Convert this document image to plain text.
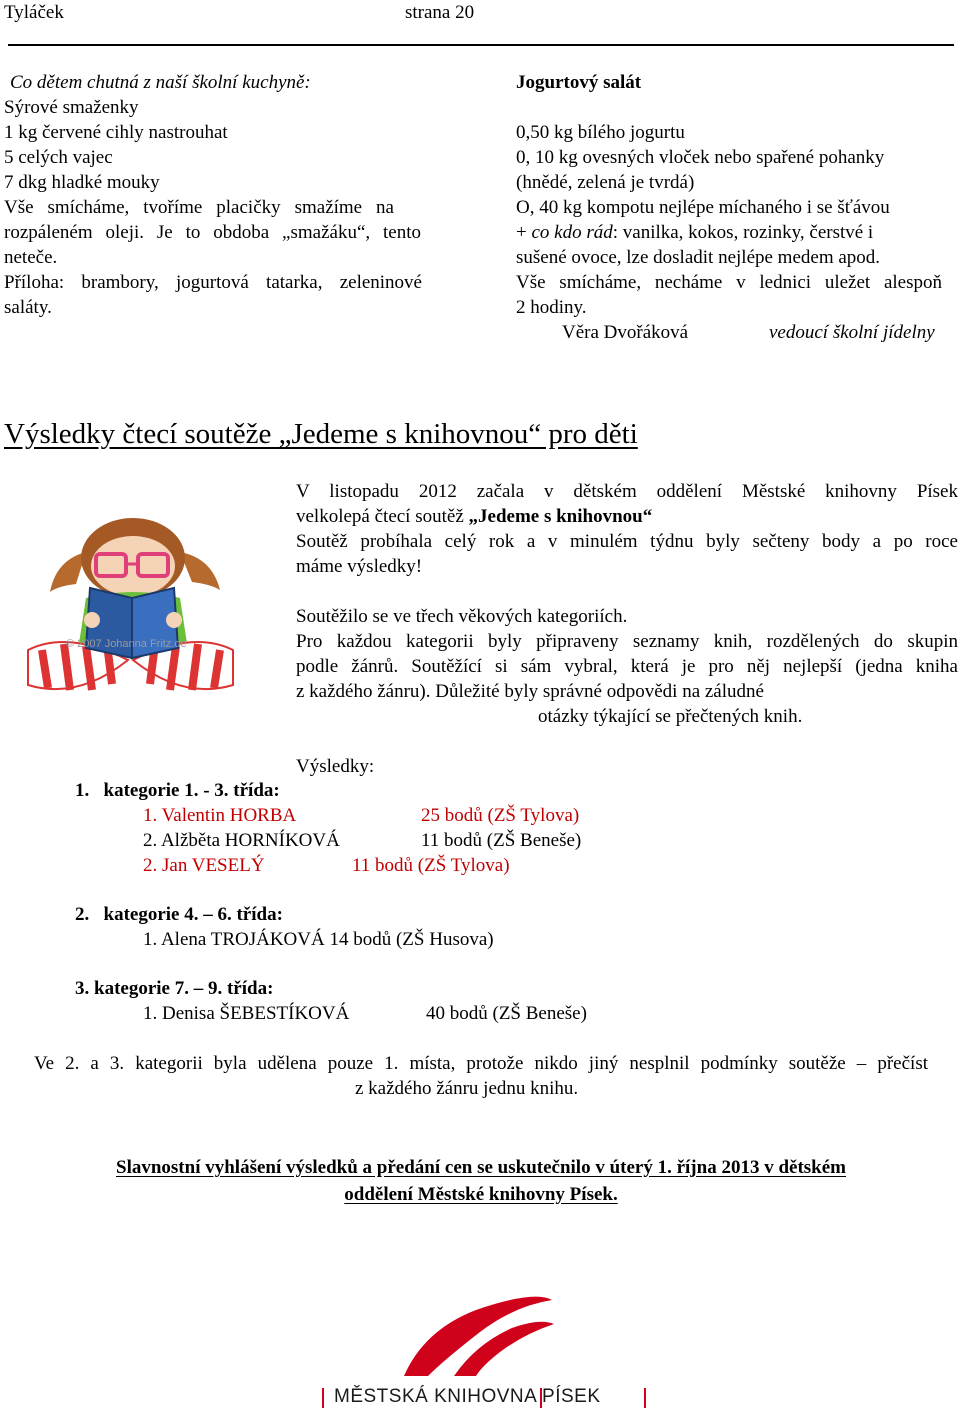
Tyláček	strana 20
Co dětem chutná z naší školní kuchyně:
Sýrové smaženky
1 kg červené cihly nastrouhat
5 celých vajec
7 dkg hladké mouky
Vše smícháme, tvoříme placičky smažíme na
rozpáleném oleji. Je to obdoba „smažáku“, tento
neteče.
Příloha: brambory, jogurtová tatarka, zeleninové
saláty.
Jogurtový salát
0,50 kg bílého jogurtu
0, 10 kg ovesných vloček nebo spařené pohanky
(hnědé, zelená je tvrdá)
O, 40 kg kompotu nejlépe míchaného i se šťávou
+ co kdo rád: vanilka, kokos, rozinky, čerstvé i
sušené ovoce, lze dosladit nejlépe medem apod.
Vše smícháme, necháme v lednici uležet alespoň
2 hodiny.
Věra Dvořáková	vedoucí školní jídelny
Výsledky čtecí soutěže „Jedeme s knihovnou“ pro děti
© 2007 Johanna Fritz.de
V listopadu 2012 začala v dětském oddělení Městské knihovny Písek
velkolepá čtecí soutěž „Jedeme s knihovnou“
Soutěž probíhala celý rok a v minulém týdnu byly sečteny body a po roce
máme výsledky!
Soutěžilo se ve třech věkových kategoriích.
Pro každou kategorii byly připraveny seznamy knih, rozdělených do skupin
podle žánrů. Soutěžící si sám vybral, která je pro něj nejlepší (jedna kniha
z každého žánru). Důležité byly správné odpovědi na záludné
otázky týkající se přečtených knih.
Výsledky:
1.   kategorie 1. - 3. třída:
1. Valentin HORBA	25 bodů (ZŠ Tylova)
2. Alžběta HORNÍKOVÁ	11 bodů (ZŠ Beneše)
2. Jan VESELÝ	11 bodů (ZŠ Tylova)
2.   kategorie 4. – 6. třída:
1. Alena TROJÁKOVÁ 14 bodů (ZŠ Husova)
3. kategorie 7. – 9. třída:
1. Denisa ŠEBESTÍKOVÁ	40 bodů (ZŠ Beneše)
Ve 2. a 3. kategorii byla udělena pouze 1. místa, protože nikdo jiný nesplnil podmínky soutěže – přečíst
z každého žánru jednu knihu.
Slavnostní vyhlášení výsledků a předání cen se uskutečnilo v úterý 1. října 2013 v dětském
oddělení Městské knihovny Písek.
MĚSTSKÁ KNIHOVNA PÍSEK
